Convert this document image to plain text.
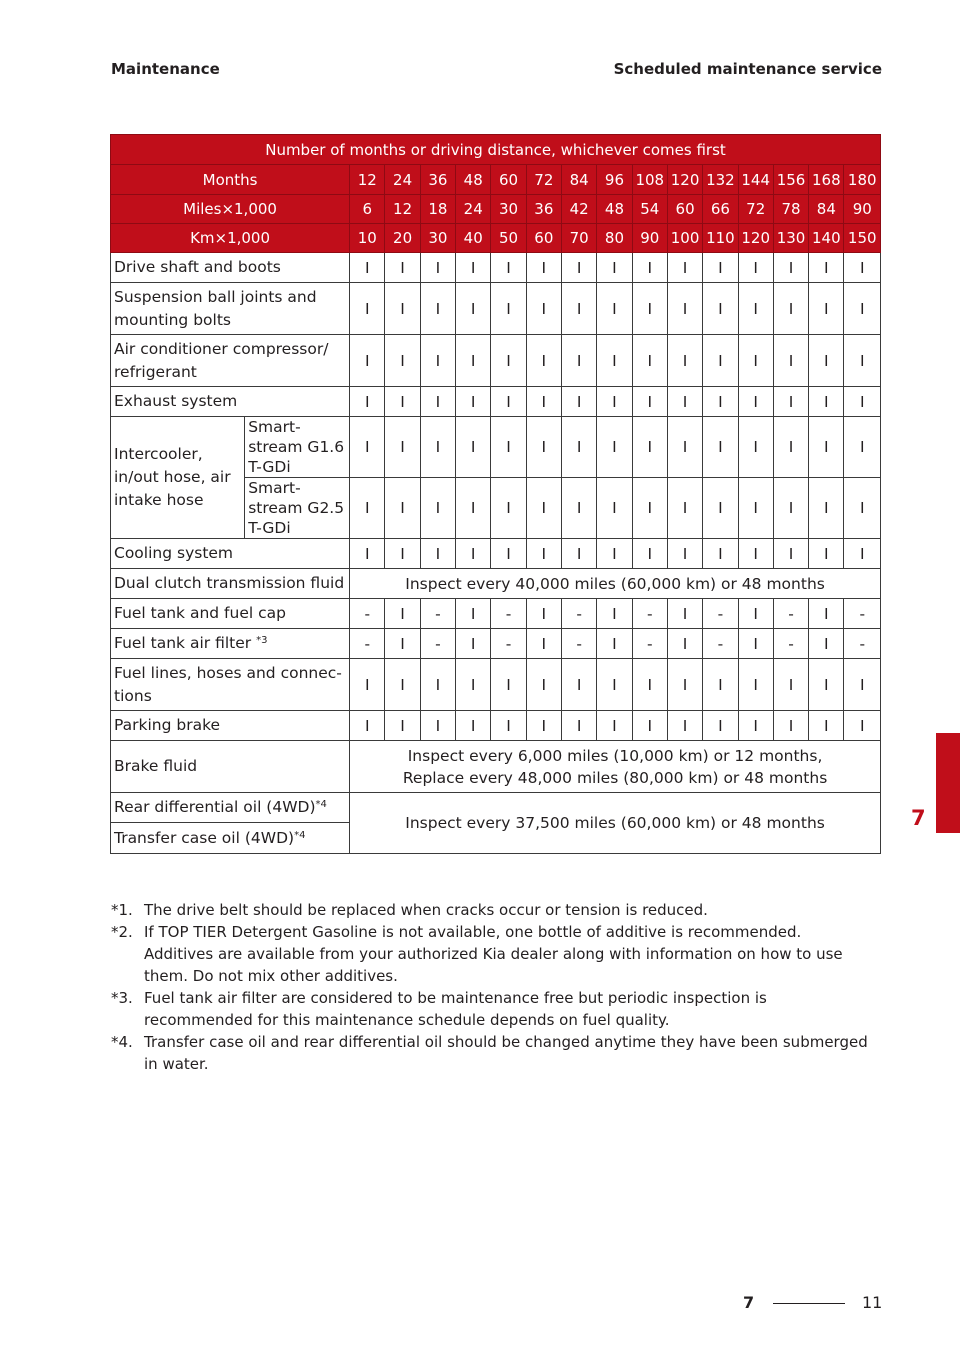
Maintenance	Scheduled maintenance service
Number of months or driving distance, whichever comes first																
Months		12	24	36	48	60	72	84	96	108	120	132	144	156	168	180
Miles×1,000		6	12	18	24	30	36	42	48	54	60	66	72	78	84	90
Km×1,000		10	20	30	40	50	60	70	80	90	100	110	120	130	140	150
Drive shaft and boots		I	I	I	I	I	I	I	I	I	I	I	I	I	I	I
Suspension ball joints and mounting bolts		I	I	I	I	I	I	I	I	I	I	I	I	I	I	I
Air conditioner compressor/ refrigerant		I	I	I	I	I	I	I	I	I	I	I	I	I	I	I
Exhaust system		I	I	I	I	I	I	I	I	I	I	I	I	I	I	I
Intercooler, in/out hose, air intake hose	Smart-stream G1.6 T-GDi	I	I	I	I	I	I	I	I	I	I	I	I	I	I	I
	Smart-stream G2.5 T-GDi	I	I	I	I	I	I	I	I	I	I	I	I	I	I	I
Cooling system		I	I	I	I	I	I	I	I	I	I	I	I	I	I	I
Dual clutch transmission fluid		Inspect every 40,000 miles (60,000 km) or 48 months														
Fuel tank and fuel cap		-	I	-	I	-	I	-	I	-	I	-	I	-	I	-
Fuel tank air filter $^{*3}$		-	I	-	I	-	I	-	I	-	I	-	I	-	I	-
Fuel lines, hoses and connec-tions		I	I	I	I	I	I	I	I	I	I	I	I	I	I	I
Parking brake		I	I	I	I	I	I	I	I	I	I	I	I	I	I	I
Brake fluid		Inspect every 6,000 miles (10,000 km) or 12 months,
Replace every 48,000 miles (80,000 km) or 48 months														

Rear differential oil $(4WD)^{*4}$		Inspect every 37,500 miles (60,000 km) or 48 months														
Transfer case oil $(4WD)^{*4}$
*1. The drive belt should be replaced when cracks occur or tension is reduced.
*2. If TOP TIER Detergent Gasoline is not available, one bottle of additive is recommended. Additives are available from your authorized Kia dealer along with information on how to use them. Do not mix other additives.
*3. Fuel tank air filter are considered to be maintenance free but periodic inspection is recommended for this maintenance schedule depends on fuel quality.
*4. Transfer case oil and rear differential oil should be changed anytime they have been submerged in water.
7
7	11
